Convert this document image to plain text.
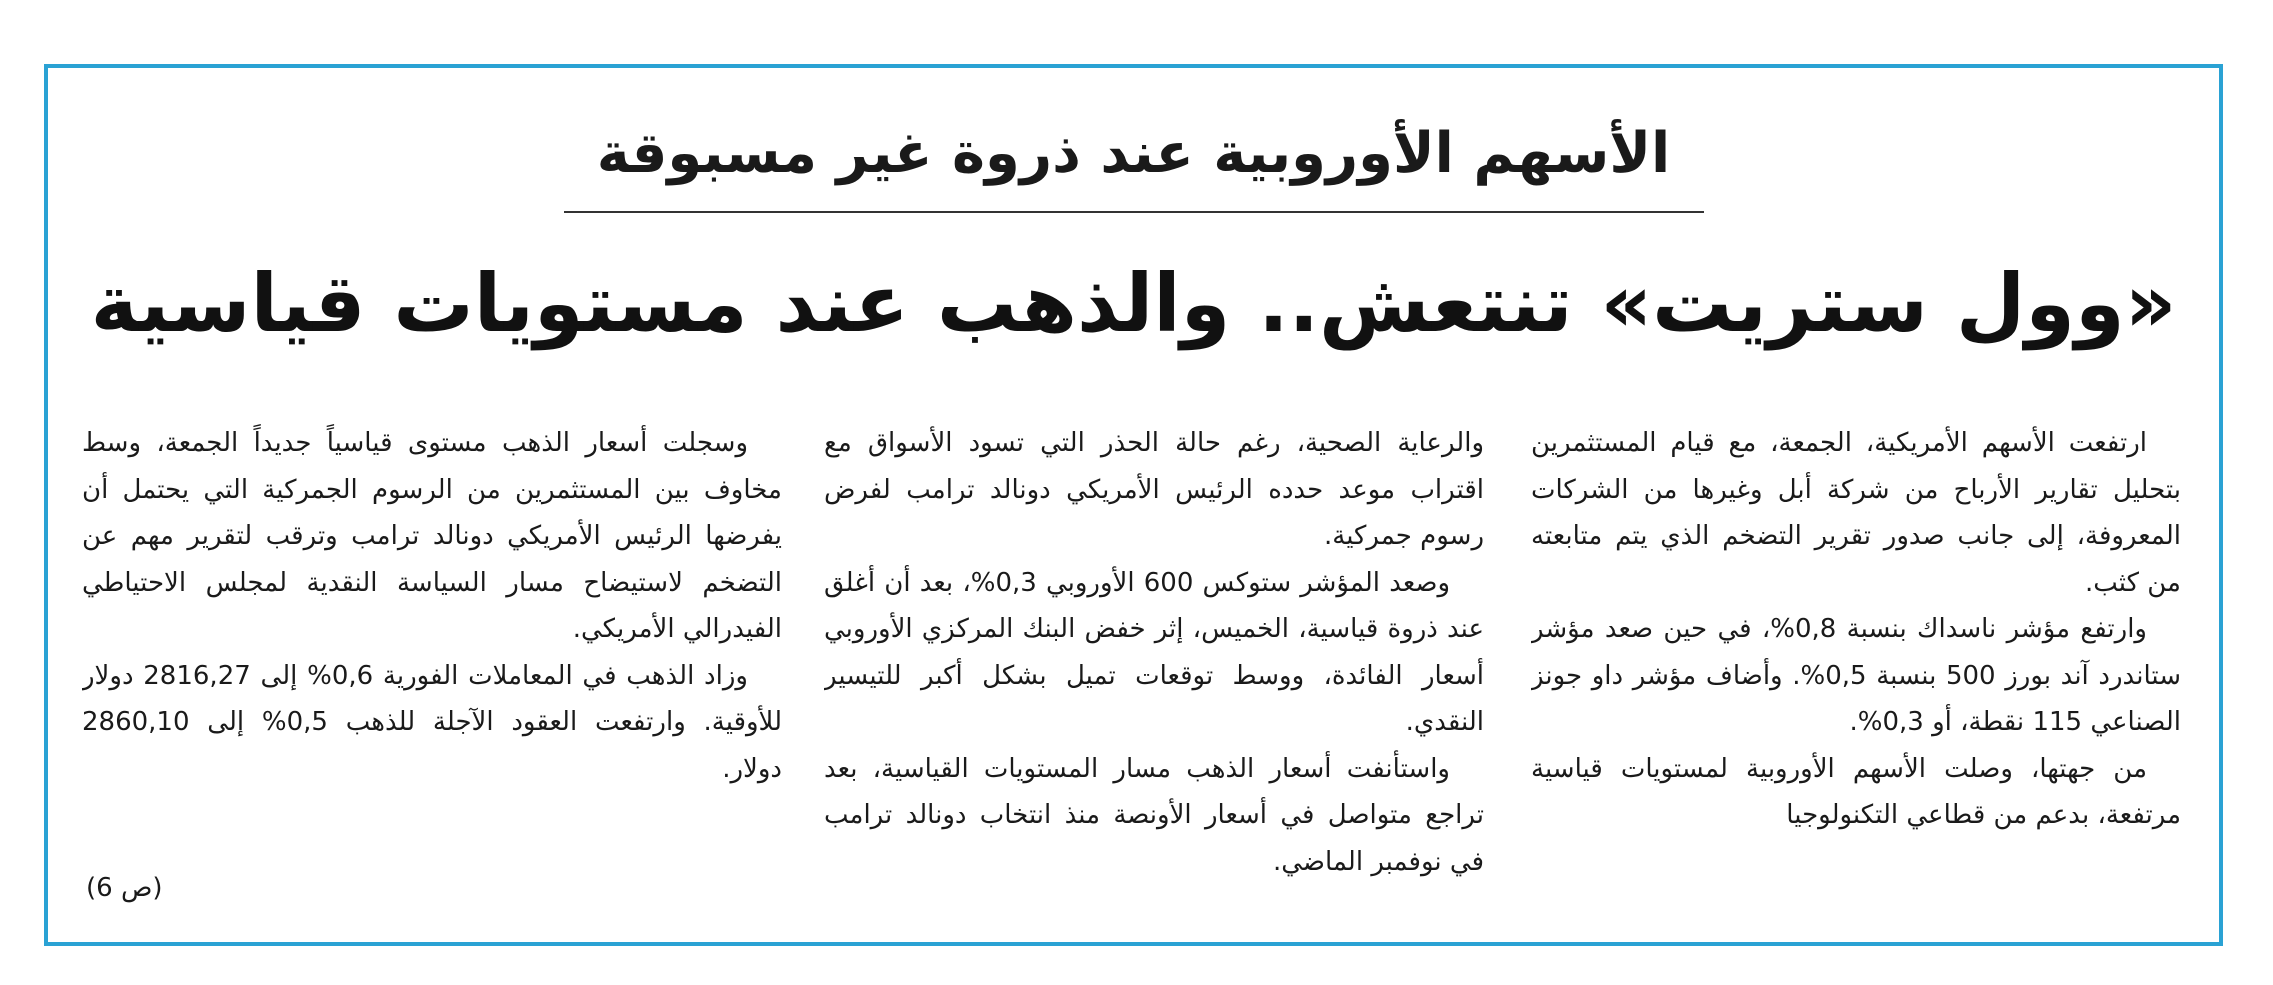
الأسهم الأوروبية عند ذروة غير مسبوقة
«وول ستريت» تنتعش.. والذهب عند مستويات قياسية

ارتفعت الأسهم الأمريكية، الجمعة، مع قيام المستثمرين بتحليل تقارير الأرباح من شركة أبل وغيرها من الشركات المعروفة، إلى جانب صدور تقرير التضخم الذي يتم متابعته من كثب.

وارتفع مؤشر ناسداك بنسبة 0,8%، في حين صعد مؤشر ستاندرد آند بورز 500 بنسبة 0,5%. وأضاف مؤشر داو جونز الصناعي 115 نقطة، أو 0,3%.

من جهتها، وصلت الأسهم الأوروبية لمستويات قياسية مرتفعة، بدعم من قطاعي التكنولوجيا

والرعاية الصحية، رغم حالة الحذر التي تسود الأسواق مع اقتراب موعد حدده الرئيس الأمريكي دونالد ترامب لفرض رسوم جمركية.

وصعد المؤشر ستوكس 600 الأوروبي 0,3%، بعد أن أغلق عند ذروة قياسية، الخميس، إثر خفض البنك المركزي الأوروبي أسعار الفائدة، ووسط توقعات تميل بشكل أكبر للتيسير النقدي.

واستأنفت أسعار الذهب مسار المستويات القياسية، بعد تراجع متواصل في أسعار الأونصة منذ انتخاب دونالد ترامب في نوفمبر الماضي.

وسجلت أسعار الذهب مستوى قياسياً جديداً الجمعة، وسط مخاوف بين المستثمرين من الرسوم الجمركية التي يحتمل أن يفرضها الرئيس الأمريكي دونالد ترامب وترقب لتقرير مهم عن التضخم لاستيضاح مسار السياسة النقدية لمجلس الاحتياطي الفيدرالي الأمريكي.

وزاد الذهب في المعاملات الفورية 0,6% إلى 2816,27 دولار للأوقية. وارتفعت العقود الآجلة للذهب 0,5% إلى 2860,10 دولار.

(ص 6)
